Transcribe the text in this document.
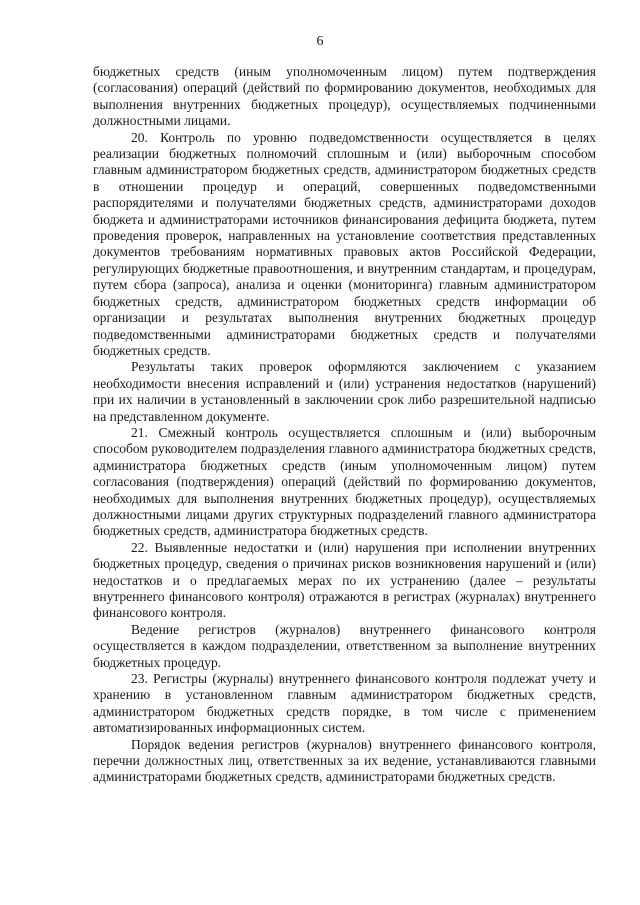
6

бюджетных средств (иным уполномоченным лицом) путем подтверждения (согласования) операций (действий по формированию документов, необходимых для выполнения внутренних бюджетных процедур), осуществляемых подчиненными должностными лицами.

20. Контроль по уровню подведомственности осуществляется в целях реализации бюджетных полномочий сплошным и (или) выборочным способом главным администратором бюджетных средств, администратором бюджетных средств в отношении процедур и операций, совершенных подведомственными распорядителями и получателями бюджетных средств, администраторами доходов бюджета и администраторами источников финансирования дефицита бюджета, путем проведения проверок, направленных на установление соответствия представленных документов требованиям нормативных правовых актов Российской Федерации, регулирующих бюджетные правоотношения, и внутренним стандартам, и процедурам, путем сбора (запроса), анализа и оценки (мониторинга) главным администратором бюджетных средств, администратором бюджетных средств информации об организации и результатах выполнения внутренних бюджетных процедур подведомственными администраторами бюджетных средств и получателями бюджетных средств.

Результаты таких проверок оформляются заключением с указанием необходимости внесения исправлений и (или) устранения недостатков (нарушений) при их наличии в установленный в заключении срок либо разрешительной надписью на представленном документе.

21. Смежный контроль осуществляется сплошным и (или) выборочным способом руководителем подразделения главного администратора бюджетных средств, администратора бюджетных средств (иным уполномоченным лицом) путем согласования (подтверждения) операций (действий по формированию документов, необходимых для выполнения внутренних бюджетных процедур), осуществляемых должностными лицами других структурных подразделений главного администратора бюджетных средств, администратора бюджетных средств.

22. Выявленные недостатки и (или) нарушения при исполнении внутренних бюджетных процедур, сведения о причинах рисков возникновения нарушений и (или) недостатков и о предлагаемых мерах по их устранению (далее – результаты внутреннего финансового контроля) отражаются в регистрах (журналах) внутреннего финансового контроля.

Ведение регистров (журналов) внутреннего финансового контроля осуществляется в каждом подразделении, ответственном за выполнение внутренних бюджетных процедур.

23. Регистры (журналы) внутреннего финансового контроля подлежат учету и хранению в установленном главным администратором бюджетных средств, администратором бюджетных средств порядке, в том числе с применением автоматизированных информационных систем.

Порядок ведения регистров (журналов) внутреннего финансового контроля, перечни должностных лиц, ответственных за их ведение, устанавливаются главными администраторами бюджетных средств, администраторами бюджетных средств.
